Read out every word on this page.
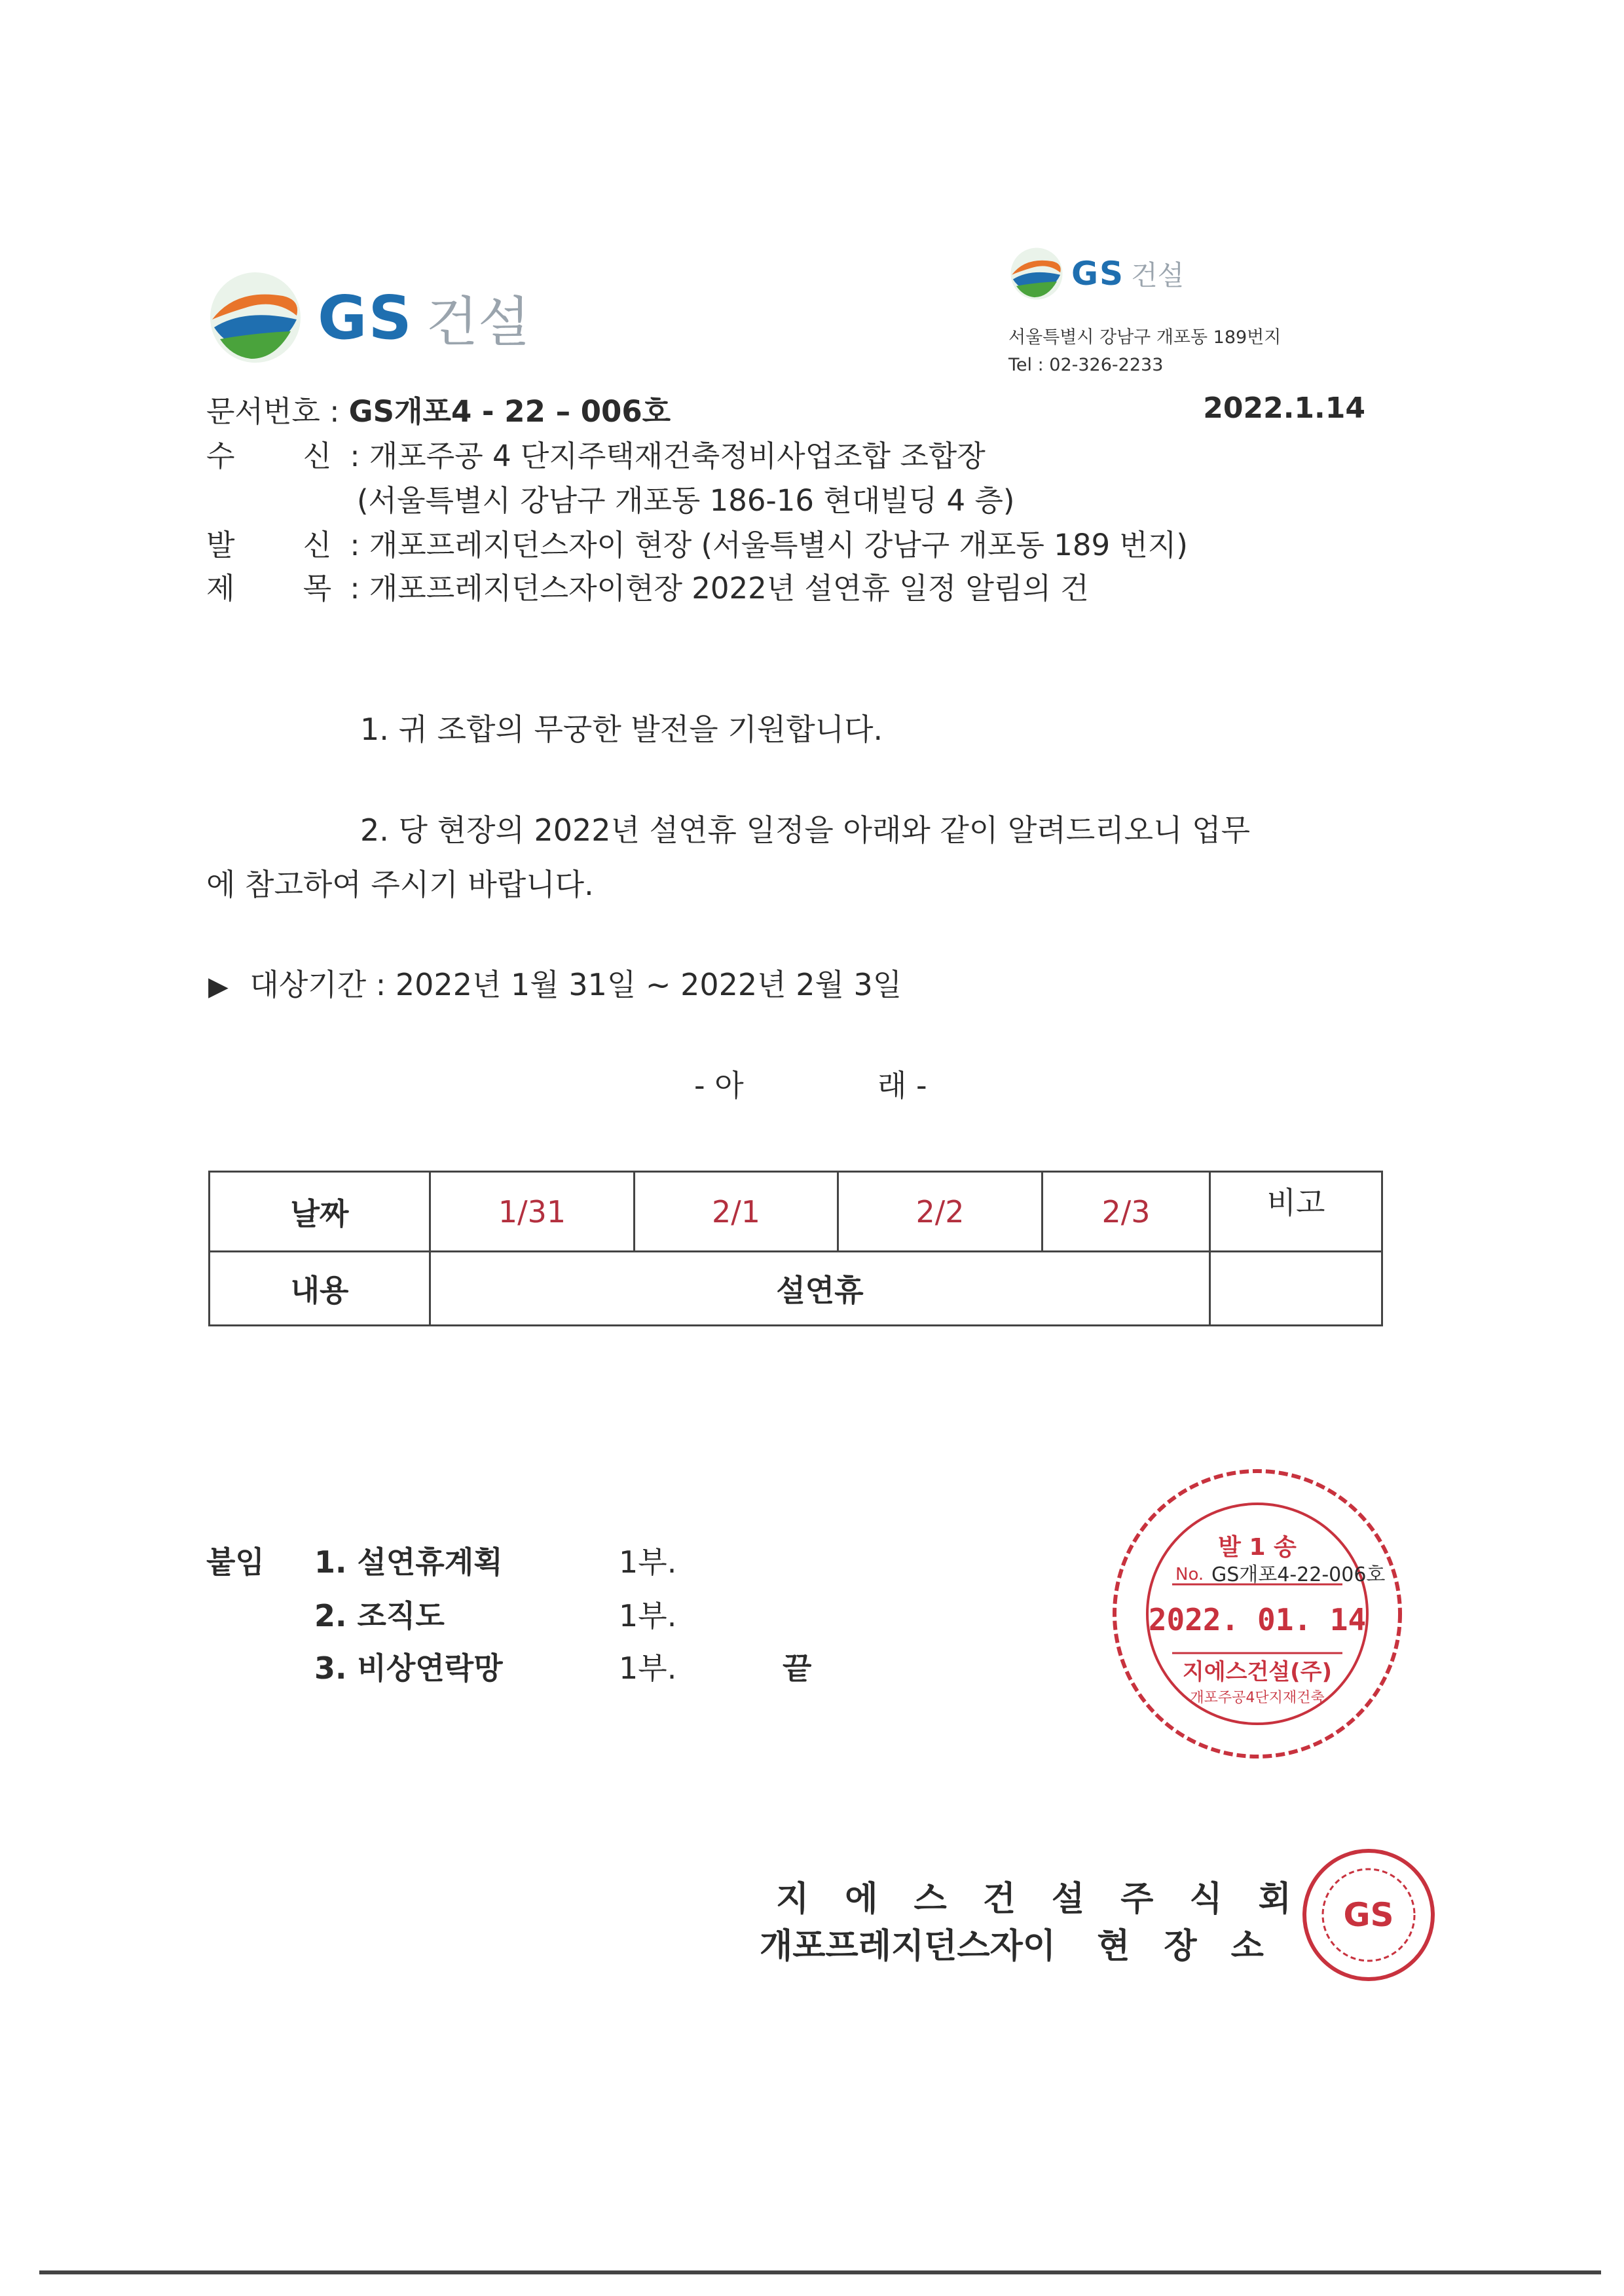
GS 건설
GS 건설
서울특별시 강남구 개포동 189번지
Tel : 02-326-2233
문서번호 : GS개포4 - 22 – 006호	2022.1.14
수 신 : 개포주공 4 단지주택재건축정비사업조합 조합장
(서울특별시 강남구 개포동 186-16 현대빌딩 4 층)
발 신 : 개포프레지던스자이 현장 (서울특별시 강남구 개포동 189 번지)
제 목 : 개포프레지던스자이현장 2022년 설연휴 일정 알림의 건
1. 귀 조합의 무궁한 발전을 기원합니다.
2. 당 현장의 2022년 설연휴 일정을 아래와 같이 알려드리오니 업무
에 참고하여 주시기 바랍니다.
▶ 대상기간 : 2022년 1월 31일 ~ 2022년 2월 3일
- 아	래 -
날짜	1/31	2/1	2/2	2/3	비고
내용	설연휴				
붙임 1. 설연휴계획	1부.
2. 조직도	1부.
3. 비상연락망	1부.	끝
발 1 송
No. GS개포4-22-006호
2022. 01. 14
지에스건설(주)
개포주공4단지재건축
지에스건설주식회
개포프레지던스자이 현장소
GS
